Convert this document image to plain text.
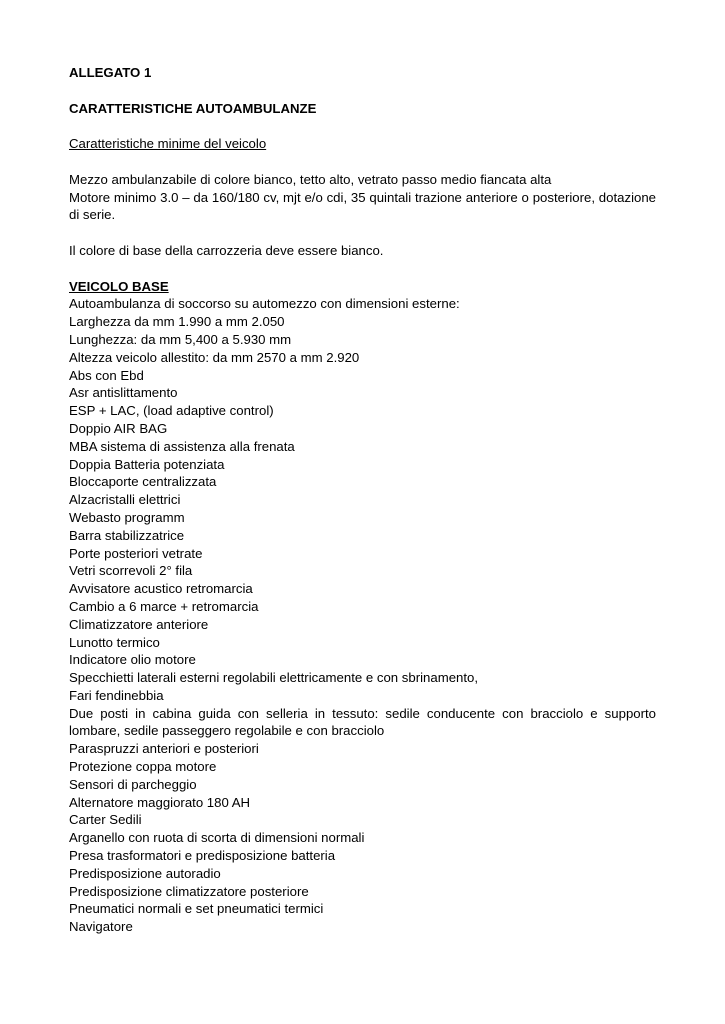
ALLEGATO 1

CARATTERISTICHE AUTOAMBULANZE

Caratteristiche minime del veicolo

Mezzo ambulanzabile di colore bianco, tetto alto, vetrato passo medio fiancata alta

Motore minimo 3.0 – da 160/180 cv, mjt e/o cdi, 35 quintali trazione anteriore o posteriore, dotazione di serie.

Il colore di base della carrozzeria deve essere bianco.

VEICOLO BASE

Autoambulanza di soccorso su automezzo con dimensioni esterne:

Larghezza da mm 1.990 a mm 2.050

Lunghezza: da mm 5,400 a 5.930 mm

Altezza veicolo allestito: da mm 2570 a mm 2.920

Abs con Ebd

Asr antislittamento

ESP + LAC, (load adaptive control)

Doppio AIR BAG

MBA sistema di assistenza alla frenata

Doppia Batteria potenziata

Bloccaporte centralizzata

Alzacristalli elettrici

Webasto programm

Barra stabilizzatrice

Porte posteriori vetrate

Vetri scorrevoli 2° fila

Avvisatore acustico retromarcia

Cambio a 6 marce + retromarcia

Climatizzatore anteriore

Lunotto termico

Indicatore olio motore

Specchietti laterali esterni regolabili elettricamente e con sbrinamento,

Fari fendinebbia

Due posti in cabina guida con selleria in tessuto: sedile conducente con bracciolo e supporto lombare, sedile passeggero regolabile e con bracciolo

Paraspruzzi anteriori e posteriori

Protezione coppa motore

Sensori di parcheggio

Alternatore maggiorato 180 AH

Carter Sedili

Arganello con ruota di scorta di dimensioni normali

Presa trasformatori e predisposizione batteria

Predisposizione autoradio

Predisposizione climatizzatore posteriore

Pneumatici normali e set pneumatici termici

Navigatore
